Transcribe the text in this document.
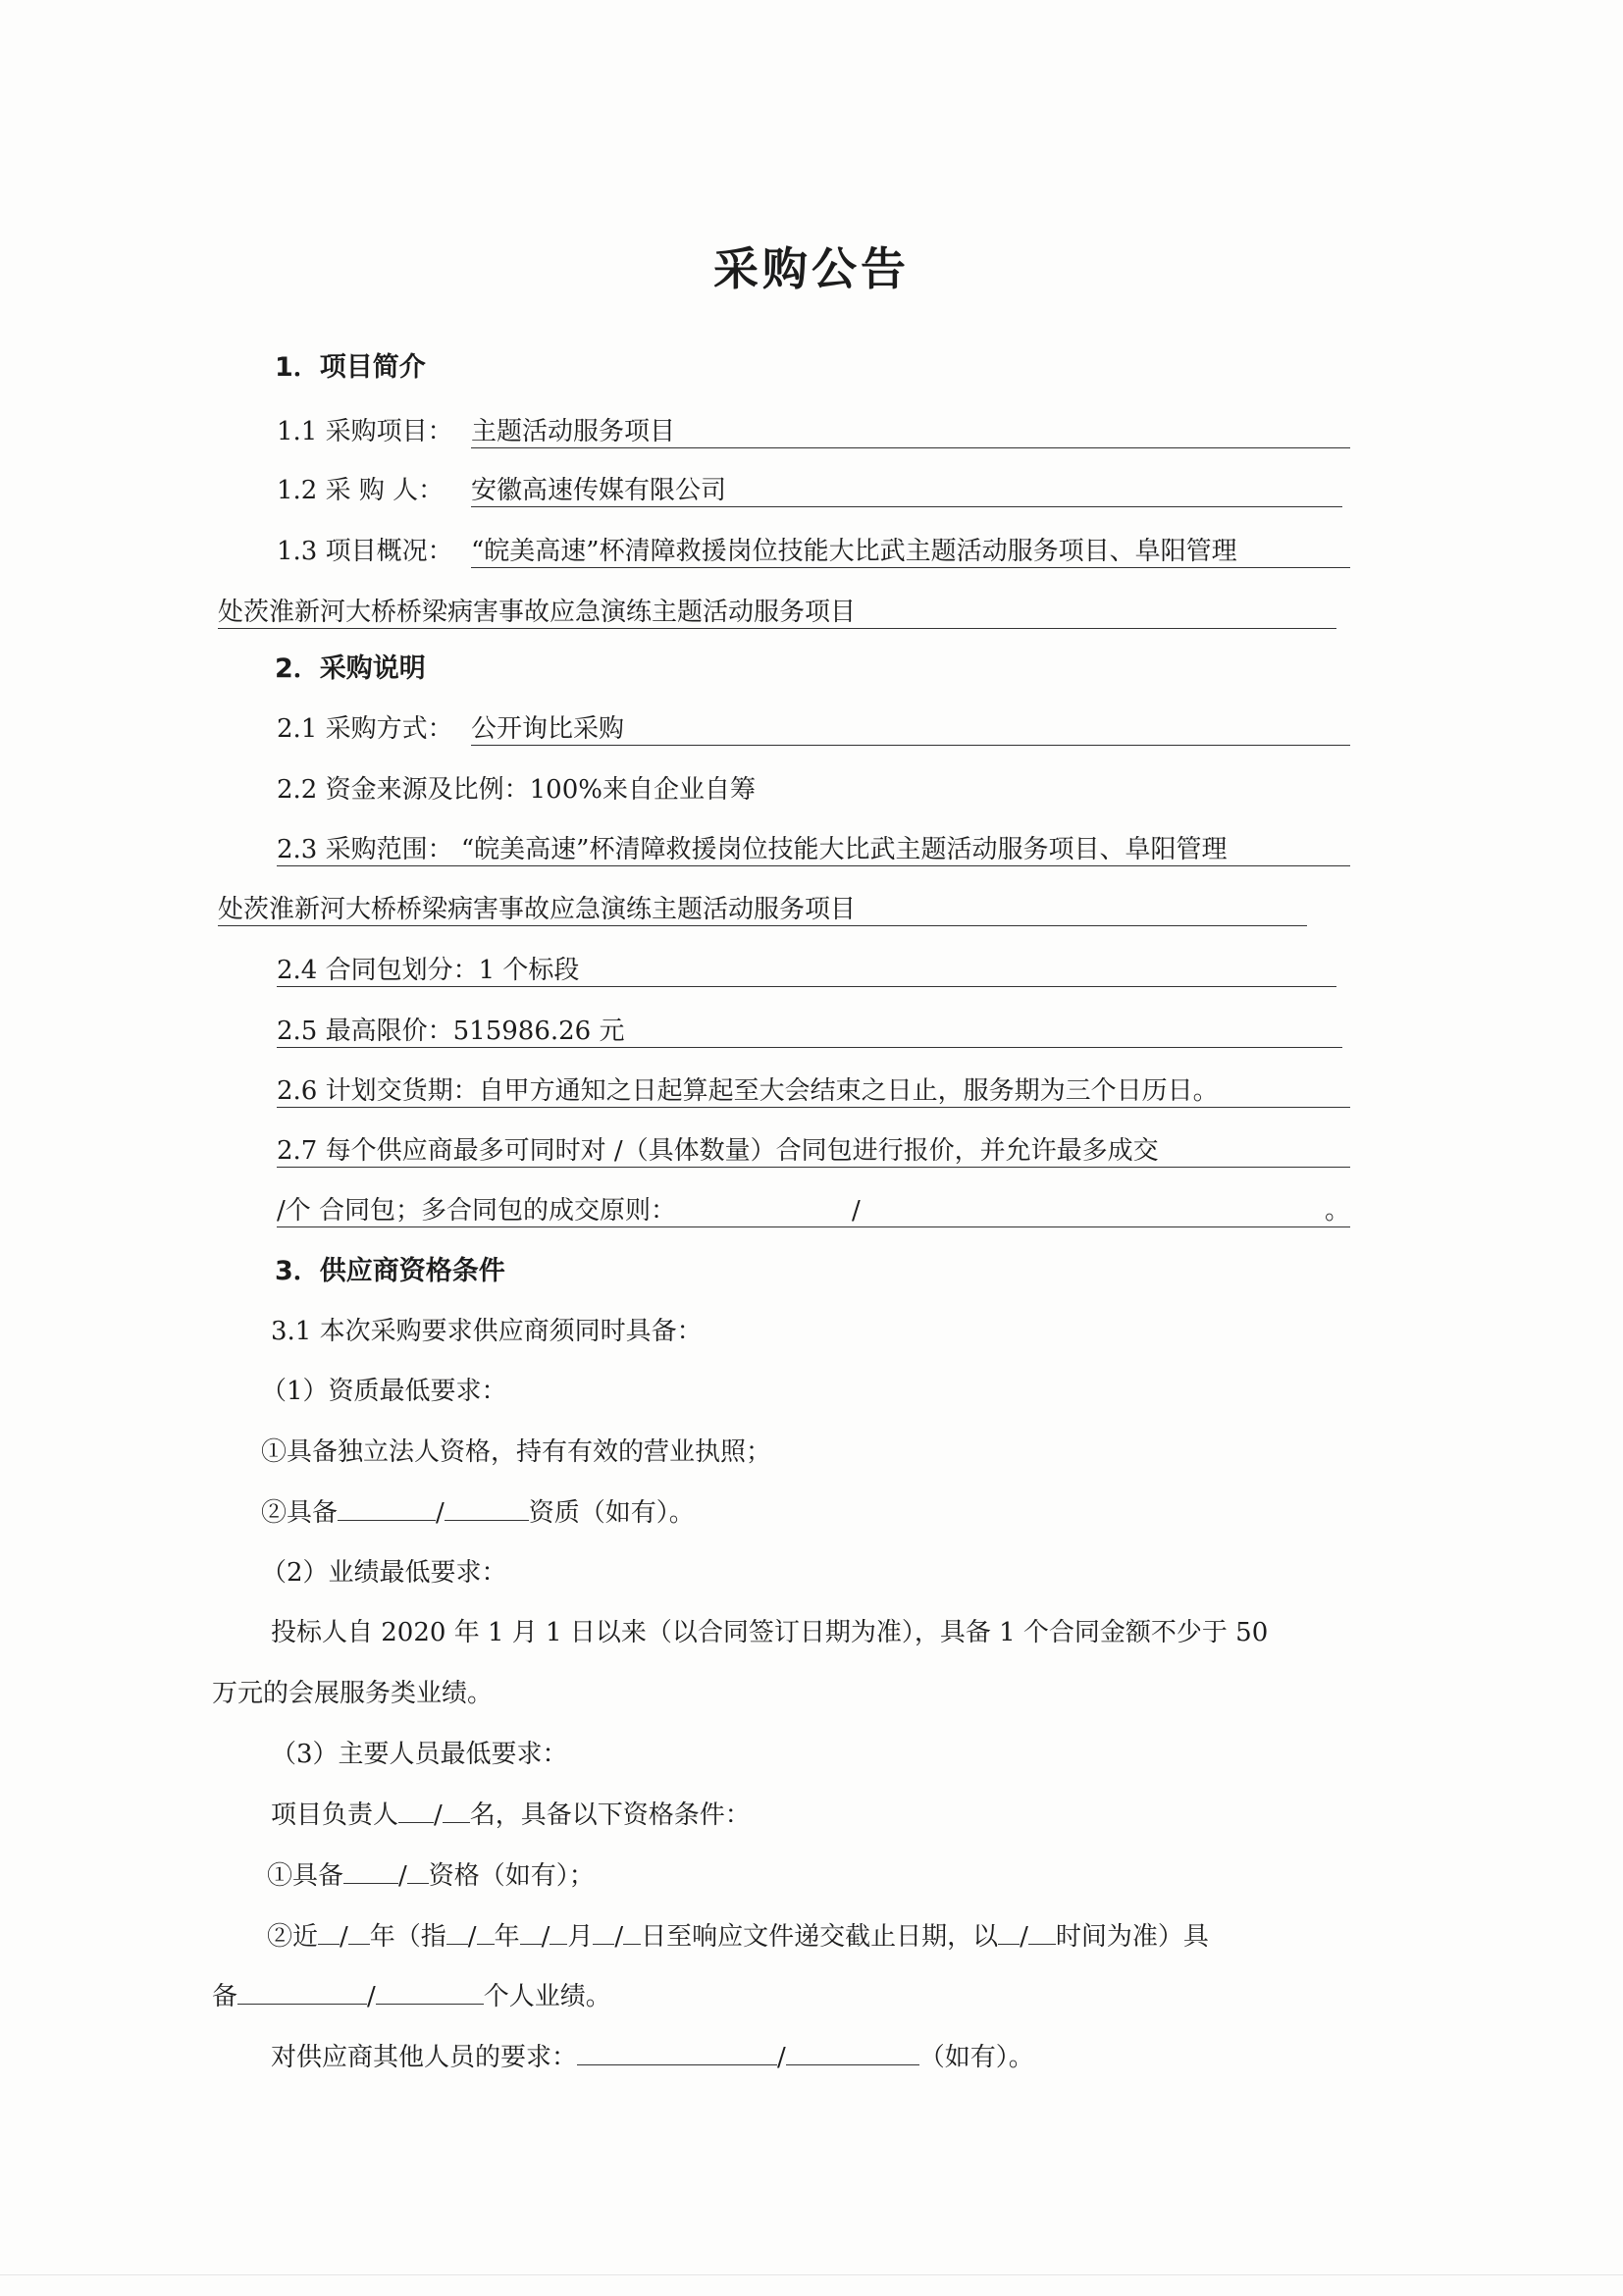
采购公告
1．项目简介
1.1 采购项目： 主题活动服务项目
1.2 采 购 人： 安徽高速传媒有限公司
1.3 项目概况： “皖美高速”杯清障救援岗位技能大比武主题活动服务项目、阜阳管理
处茨淮新河大桥桥梁病害事故应急演练主题活动服务项目
2．采购说明
2.1 采购方式： 公开询比采购
2.2 资金来源及比例：100%来自企业自筹
2.3 采购范围： “皖美高速”杯清障救援岗位技能大比武主题活动服务项目、阜阳管理
处茨淮新河大桥桥梁病害事故应急演练主题活动服务项目
2.4 合同包划分：1 个标段
2.5 最高限价：515986.26 元
2.6 计划交货期：自甲方通知之日起算起至大会结束之日止，服务期为三个日历日。
2.7 每个供应商最多可同时对 /（具体数量）合同包进行报价，并允许最多成交
/个 合同包；多合同包的成交原则：	/	。
3．供应商资格条件
3.1 本次采购要求供应商须同时具备：
（1）资质最低要求：
①具备独立法人资格，持有有效的营业执照；
②具备	/	资质（如有）。
（2）业绩最低要求：
投标人自 2020 年 1 月 1 日以来（以合同签订日期为准），具备 1 个合同金额不少于 50
万元的会展服务类业绩。
（3）主要人员最低要求：
项目负责人 / 名，具备以下资格条件：
①具备 / 资格（如有）；
②近 / 年（指 / 年 / 月 / 日至响应文件递交截止日期，以 / 时间为准）具
备	/	个人业绩。
对供应商其他人员的要求：	/	（如有）。
